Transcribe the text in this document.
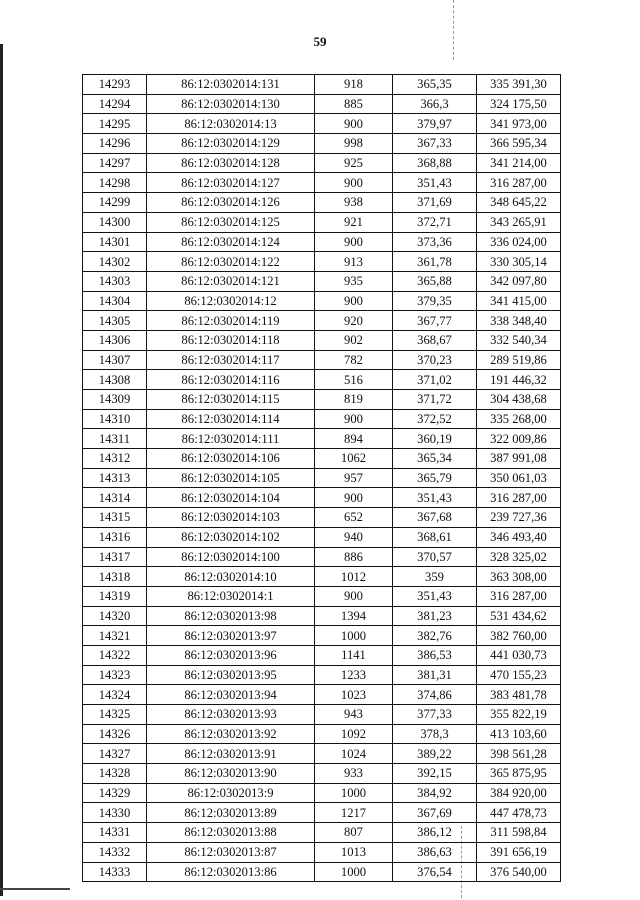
59
14293	86:12:0302014:131	918	365,35	335 391,30
14294	86:12:0302014:130	885	366,3	324 175,50
14295	86:12:0302014:13	900	379,97	341 973,00
14296	86:12:0302014:129	998	367,33	366 595,34
14297	86:12:0302014:128	925	368,88	341 214,00
14298	86:12:0302014:127	900	351,43	316 287,00
14299	86:12:0302014:126	938	371,69	348 645,22
14300	86:12:0302014:125	921	372,71	343 265,91
14301	86:12:0302014:124	900	373,36	336 024,00
14302	86:12:0302014:122	913	361,78	330 305,14
14303	86:12:0302014:121	935	365,88	342 097,80
14304	86:12:0302014:12	900	379,35	341 415,00
14305	86:12:0302014:119	920	367,77	338 348,40
14306	86:12:0302014:118	902	368,67	332 540,34
14307	86:12:0302014:117	782	370,23	289 519,86
14308	86:12:0302014:116	516	371,02	191 446,32
14309	86:12:0302014:115	819	371,72	304 438,68
14310	86:12:0302014:114	900	372,52	335 268,00
14311	86:12:0302014:111	894	360,19	322 009,86
14312	86:12:0302014:106	1062	365,34	387 991,08
14313	86:12:0302014:105	957	365,79	350 061,03
14314	86:12:0302014:104	900	351,43	316 287,00
14315	86:12:0302014:103	652	367,68	239 727,36
14316	86:12:0302014:102	940	368,61	346 493,40
14317	86:12:0302014:100	886	370,57	328 325,02
14318	86:12:0302014:10	1012	359	363 308,00
14319	86:12:0302014:1	900	351,43	316 287,00
14320	86:12:0302013:98	1394	381,23	531 434,62
14321	86:12:0302013:97	1000	382,76	382 760,00
14322	86:12:0302013:96	1141	386,53	441 030,73
14323	86:12:0302013:95	1233	381,31	470 155,23
14324	86:12:0302013:94	1023	374,86	383 481,78
14325	86:12:0302013:93	943	377,33	355 822,19
14326	86:12:0302013:92	1092	378,3	413 103,60
14327	86:12:0302013:91	1024	389,22	398 561,28
14328	86:12:0302013:90	933	392,15	365 875,95
14329	86:12:0302013:9	1000	384,92	384 920,00
14330	86:12:0302013:89	1217	367,69	447 478,73
14331	86:12:0302013:88	807	386,12	311 598,84
14332	86:12:0302013:87	1013	386,63	391 656,19
14333	86:12:0302013:86	1000	376,54	376 540,00
